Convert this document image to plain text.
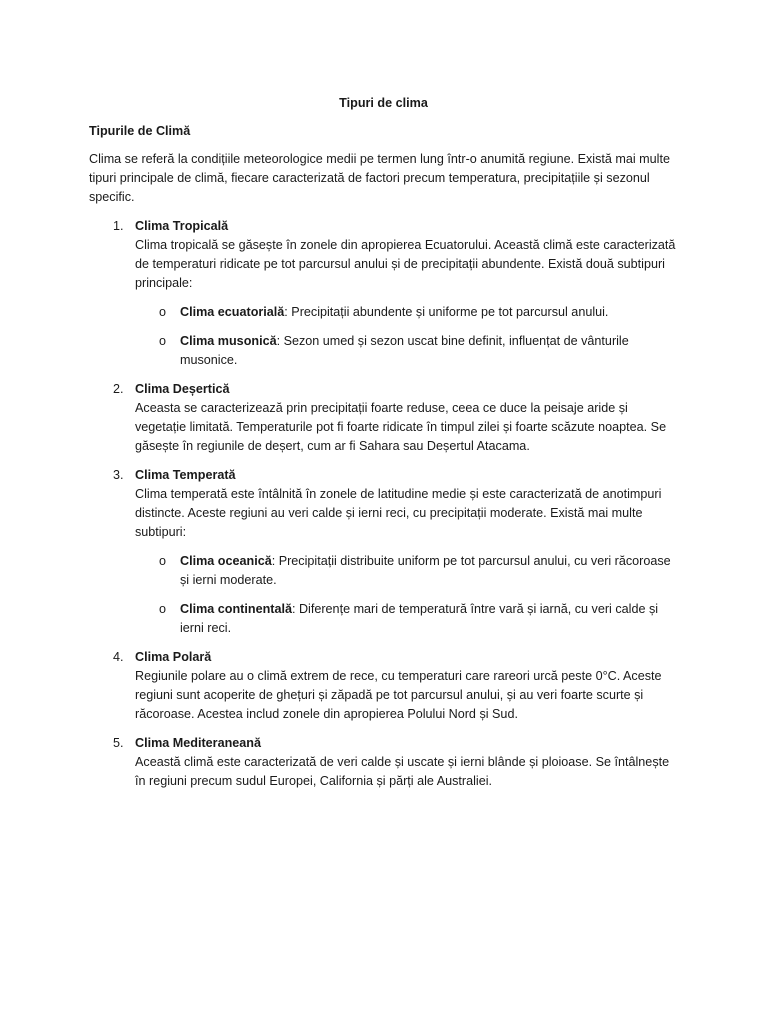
Tipuri de clima
Tipurile de Climă
Clima se referă la condițiile meteorologice medii pe termen lung într-o anumită regiune. Există mai multe tipuri principale de climă, fiecare caracterizată de factori precum temperatura, precipitațiile și sezonul specific.
1. Clima Tropicală
Clima tropicală se găsește în zonele din apropierea Ecuatorului. Această climă este caracterizată de temperaturi ridicate pe tot parcursul anului și de precipitații abundente. Există două subtipuri principale:
o Clima ecuatorială: Precipitații abundente și uniforme pe tot parcursul anului.
o Clima musonică: Sezon umed și sezon uscat bine definit, influențat de vânturile musonice.
2. Clima Deșertică
Aceasta se caracterizează prin precipitații foarte reduse, ceea ce duce la peisaje aride și vegetație limitată. Temperaturile pot fi foarte ridicate în timpul zilei și foarte scăzute noaptea. Se găsește în regiunile de deșert, cum ar fi Sahara sau Deșertul Atacama.
3. Clima Temperată
Clima temperată este întâlnită în zonele de latitudine medie și este caracterizată de anotimpuri distincte. Aceste regiuni au veri calde și ierni reci, cu precipitații moderate. Există mai multe subtipuri:
o Clima oceanică: Precipitații distribuite uniform pe tot parcursul anului, cu veri răcoroase și ierni moderate.
o Clima continentală: Diferențe mari de temperatură între vară și iarnă, cu veri calde și ierni reci.
4. Clima Polară
Regiunile polare au o climă extrem de rece, cu temperaturi care rareori urcă peste 0°C. Aceste regiuni sunt acoperite de ghețuri și zăpadă pe tot parcursul anului, și au veri foarte scurte și răcoroase. Acestea includ zonele din apropierea Polului Nord și Sud.
5. Clima Mediteraneană
Această climă este caracterizată de veri calde și uscate și ierni blânde și ploioase. Se întâlnește în regiuni precum sudul Europei, California și părți ale Australiei.
